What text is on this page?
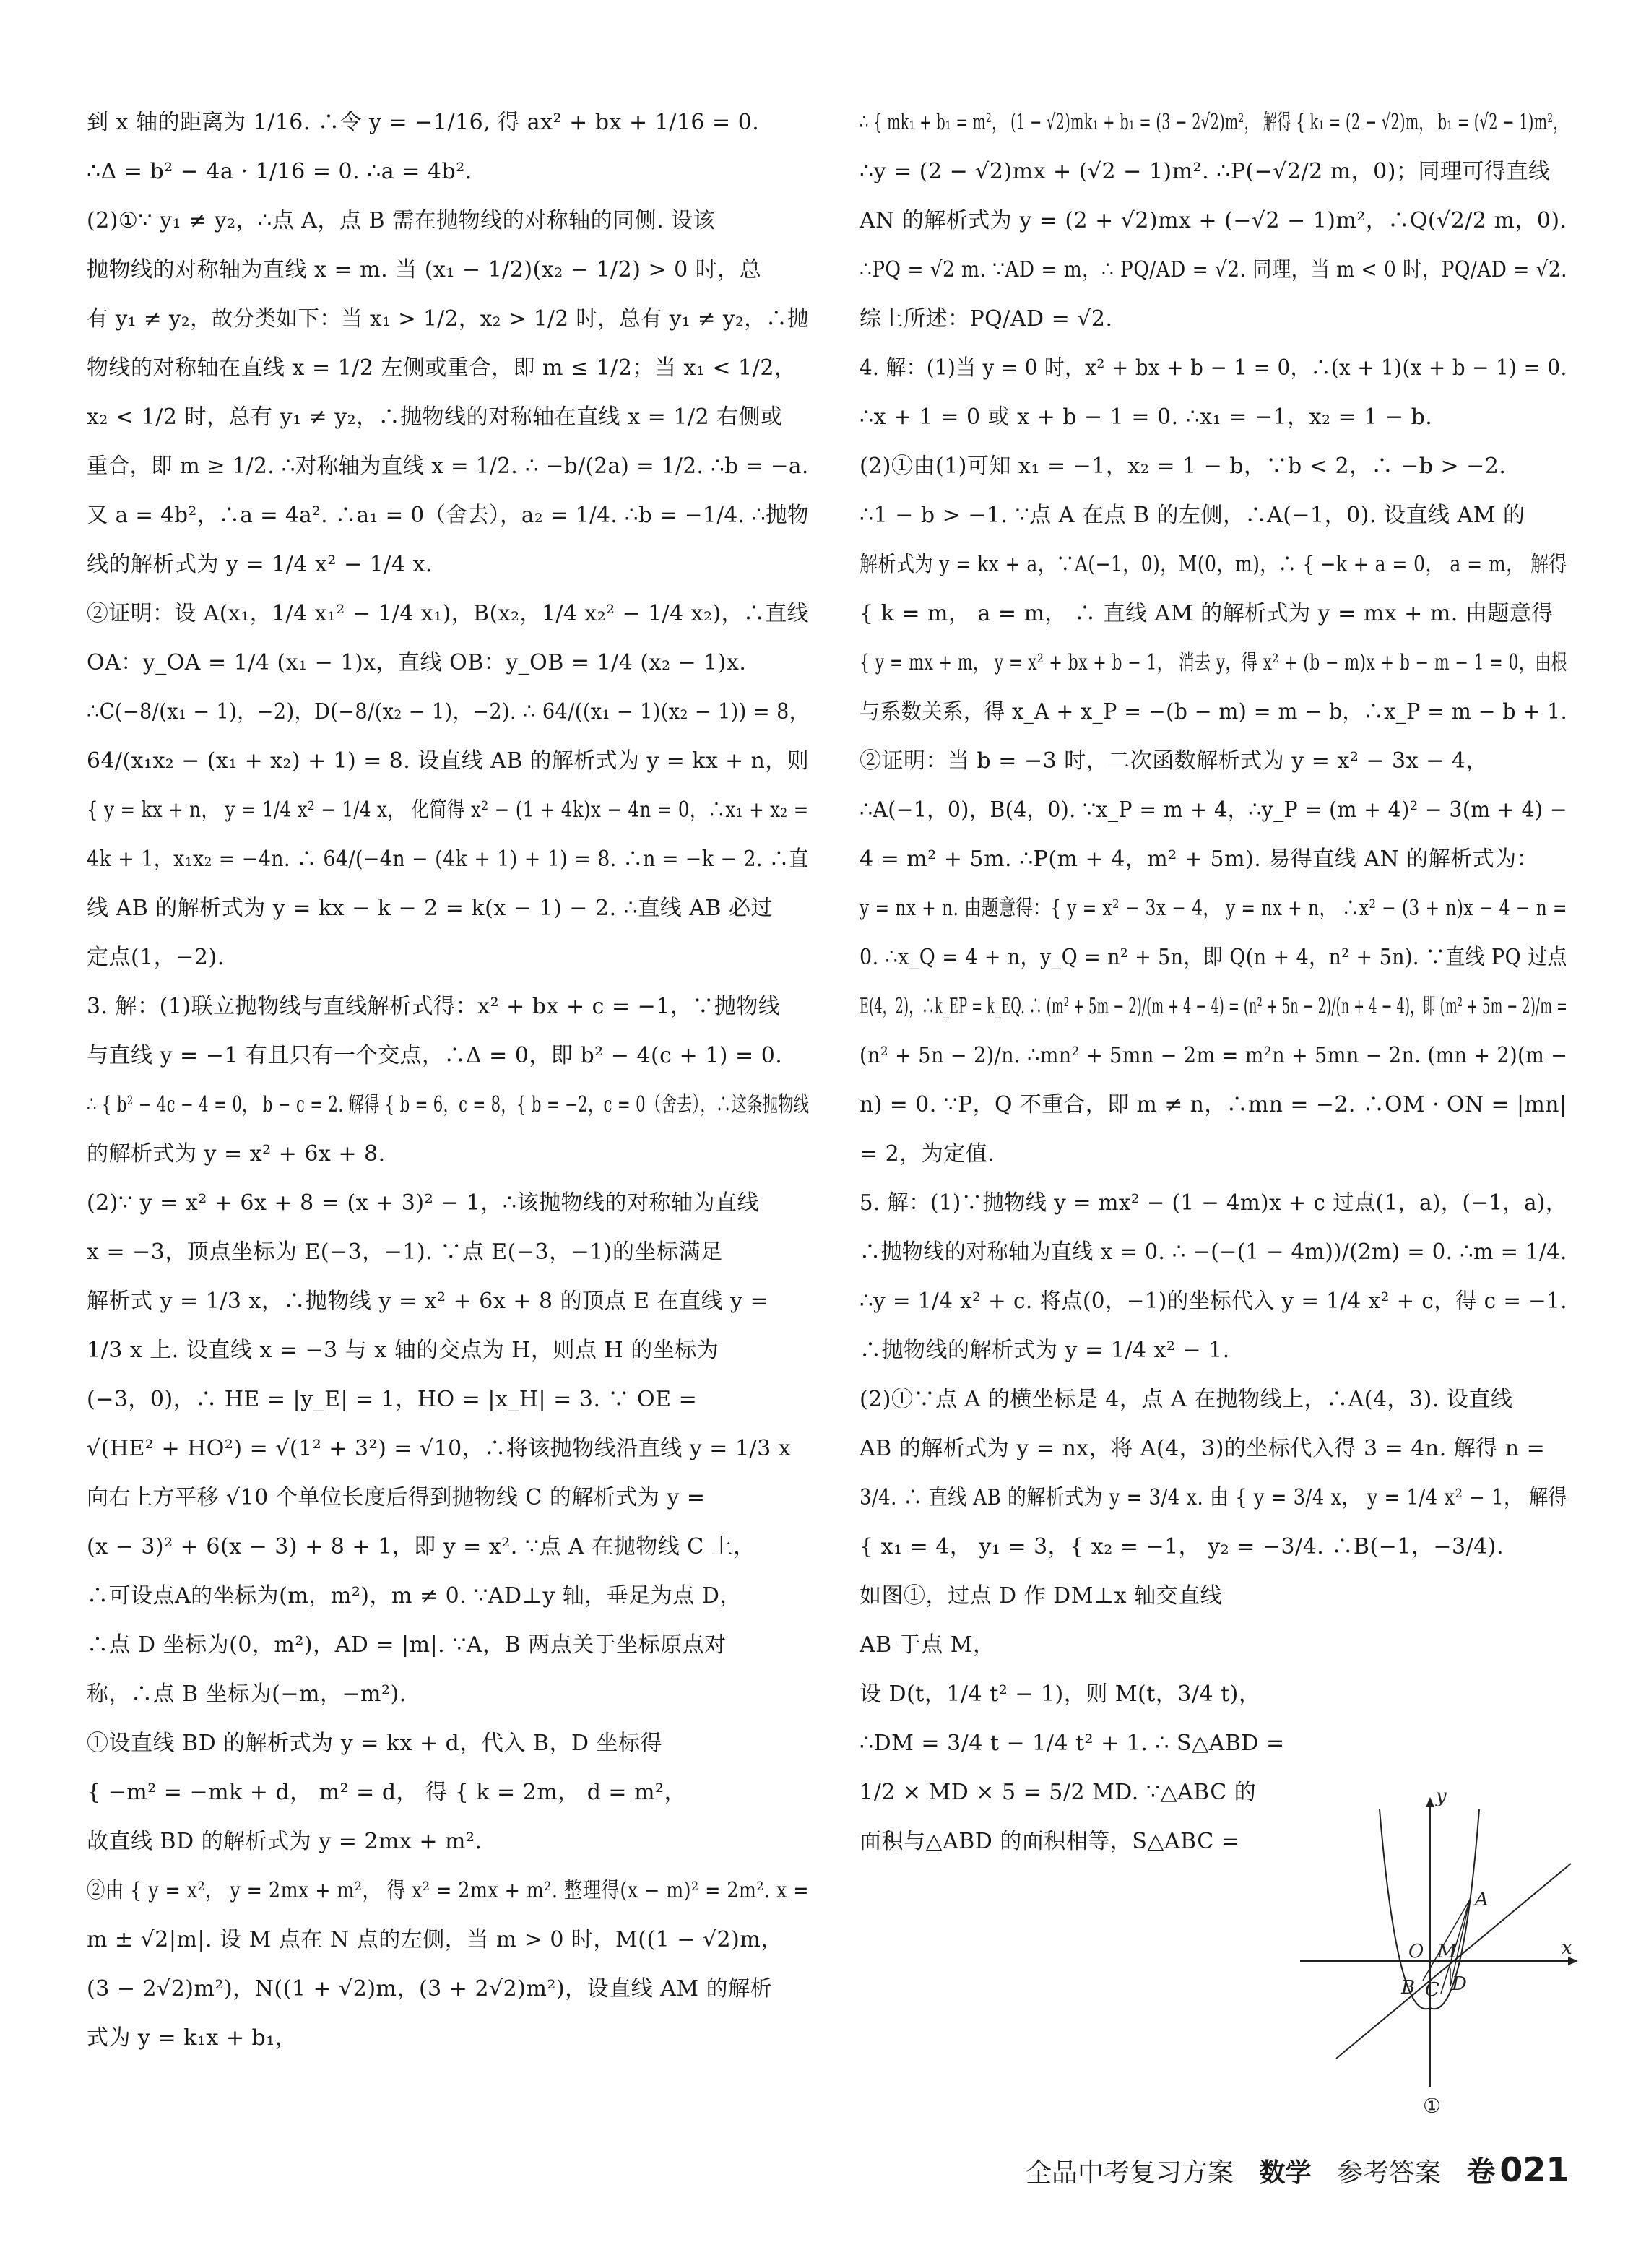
到 x 轴的距离为 1/16. ∴令 y = −1/16, 得 ax² + bx + 1/16 = 0.
∴Δ = b² − 4a · 1/16 = 0. ∴a = 4b².
(2)①∵ y₁ ≠ y₂，∴点 A，点 B 需在抛物线的对称轴的同侧. 设该
抛物线的对称轴为直线 x = m. 当 (x₁ − 1/2)(x₂ − 1/2) > 0 时，总
有 y₁ ≠ y₂，故分类如下：当 x₁ > 1/2，x₂ > 1/2 时，总有 y₁ ≠ y₂，∴抛
物线的对称轴在直线 x = 1/2 左侧或重合，即 m ≤ 1/2；当 x₁ < 1/2，
x₂ < 1/2 时，总有 y₁ ≠ y₂，∴抛物线的对称轴在直线 x = 1/2 右侧或
重合，即 m ≥ 1/2. ∴对称轴为直线 x = 1/2. ∴ −b/(2a) = 1/2. ∴b = −a.
又 a = 4b²，∴a = 4a². ∴a₁ = 0（舍去），a₂ = 1/4. ∴b = −1/4. ∴抛物
线的解析式为 y = 1/4 x² − 1/4 x.
②证明：设 A(x₁，1/4 x₁² − 1/4 x₁)，B(x₂，1/4 x₂² − 1/4 x₂)，∴直线
OA：y_OA = 1/4 (x₁ − 1)x，直线 OB：y_OB = 1/4 (x₂ − 1)x.
∴C(−8/(x₁ − 1)，−2)，D(−8/(x₂ − 1)，−2). ∴ 64/((x₁ − 1)(x₂ − 1)) = 8，
64/(x₁x₂ − (x₁ + x₂) + 1) = 8. 设直线 AB 的解析式为 y = kx + n，则
{ y = kx + n， y = 1/4 x² − 1/4 x， 化简得 x² − (1 + 4k)x − 4n = 0，∴x₁ + x₂ =
4k + 1，x₁x₂ = −4n. ∴ 64/(−4n − (4k + 1) + 1) = 8. ∴n = −k − 2. ∴直
线 AB 的解析式为 y = kx − k − 2 = k(x − 1) − 2. ∴直线 AB 必过
定点(1，−2).
3. 解：(1)联立抛物线与直线解析式得：x² + bx + c = −1，∵抛物线
与直线 y = −1 有且只有一个交点，∴Δ = 0，即 b² − 4(c + 1) = 0.
∴ { b² − 4c − 4 = 0， b − c = 2. 解得 { b = 6，c = 8，{ b = −2，c = 0（舍去），∴这条抛物线
的解析式为 y = x² + 6x + 8.
(2)∵ y = x² + 6x + 8 = (x + 3)² − 1，∴该抛物线的对称轴为直线
x = −3，顶点坐标为 E(−3，−1). ∵点 E(−3，−1)的坐标满足
解析式 y = 1/3 x，∴抛物线 y = x² + 6x + 8 的顶点 E 在直线 y =
1/3 x 上. 设直线 x = −3 与 x 轴的交点为 H，则点 H 的坐标为
(−3，0)，∴ HE = |y_E| = 1，HO = |x_H| = 3. ∵ OE =
√(HE² + HO²) = √(1² + 3²) = √10，∴将该抛物线沿直线 y = 1/3 x
向右上方平移 √10 个单位长度后得到抛物线 C 的解析式为 y =
(x − 3)² + 6(x − 3) + 8 + 1，即 y = x². ∵点 A 在抛物线 C 上，
∴可设点A的坐标为(m，m²)，m ≠ 0. ∵AD⊥y 轴，垂足为点 D，
∴点 D 坐标为(0，m²)，AD = |m|. ∵A，B 两点关于坐标原点对
称，∴点 B 坐标为(−m，−m²).
①设直线 BD 的解析式为 y = kx + d，代入 B，D 坐标得
{ −m² = −mk + d， m² = d， 得 { k = 2m， d = m²，
故直线 BD 的解析式为 y = 2mx + m².
②由 { y = x²， y = 2mx + m²， 得 x² = 2mx + m². 整理得(x − m)² = 2m². x =
m ± √2|m|. 设 M 点在 N 点的左侧，当 m > 0 时，M((1 − √2)m，
(3 − 2√2)m²)，N((1 + √2)m，(3 + 2√2)m²)，设直线 AM 的解析
式为 y = k₁x + b₁，
∴ { mk₁ + b₁ = m²， (1 − √2)mk₁ + b₁ = (3 − 2√2)m²， 解得 { k₁ = (2 − √2)m， b₁ = (√2 − 1)m²，
∴y = (2 − √2)mx + (√2 − 1)m². ∴P(−√2/2 m，0)；同理可得直线
AN 的解析式为 y = (2 + √2)mx + (−√2 − 1)m²，∴Q(√2/2 m，0).
∴PQ = √2 m. ∵AD = m，∴ PQ/AD = √2. 同理，当 m < 0 时，PQ/AD = √2.
综上所述：PQ/AD = √2.
4. 解：(1)当 y = 0 时，x² + bx + b − 1 = 0，∴(x + 1)(x + b − 1) = 0.
∴x + 1 = 0 或 x + b − 1 = 0. ∴x₁ = −1，x₂ = 1 − b.
(2)①由(1)可知 x₁ = −1，x₂ = 1 − b，∵b < 2，∴ −b > −2.
∴1 − b > −1. ∵点 A 在点 B 的左侧，∴A(−1，0). 设直线 AM 的
解析式为 y = kx + a，∵A(−1，0)，M(0，m)，∴ { −k + a = 0， a = m， 解得
{ k = m， a = m， ∴ 直线 AM 的解析式为 y = mx + m. 由题意得
{ y = mx + m， y = x² + bx + b − 1， 消去 y，得 x² + (b − m)x + b − m − 1 = 0，由根
与系数关系，得 x_A + x_P = −(b − m) = m − b，∴x_P = m − b + 1.
②证明：当 b = −3 时，二次函数解析式为 y = x² − 3x − 4，
∴A(−1，0)，B(4，0). ∵x_P = m + 4，∴y_P = (m + 4)² − 3(m + 4) −
4 = m² + 5m. ∴P(m + 4，m² + 5m). 易得直线 AN 的解析式为：
y = nx + n. 由题意得：{ y = x² − 3x − 4， y = nx + n， ∴x² − (3 + n)x − 4 − n =
0. ∴x_Q = 4 + n，y_Q = n² + 5n，即 Q(n + 4，n² + 5n). ∵直线 PQ 过点
E(4，2)，∴k_EP = k_EQ. ∴ (m² + 5m − 2)/(m + 4 − 4) = (n² + 5n − 2)/(n + 4 − 4)，即 (m² + 5m − 2)/m =
(n² + 5n − 2)/n. ∴mn² + 5mn − 2m = m²n + 5mn − 2n. (mn + 2)(m −
n) = 0. ∵P，Q 不重合，即 m ≠ n，∴mn = −2. ∴OM · ON = |mn|
= 2，为定值.
5. 解：(1)∵抛物线 y = mx² − (1 − 4m)x + c 过点(1，a)，(−1，a)，
∴抛物线的对称轴为直线 x = 0. ∴ −(−(1 − 4m))/(2m) = 0. ∴m = 1/4.
∴y = 1/4 x² + c. 将点(0，−1)的坐标代入 y = 1/4 x² + c，得 c = −1.
∴抛物线的解析式为 y = 1/4 x² − 1.
(2)①∵点 A 的横坐标是 4，点 A 在抛物线上，∴A(4，3). 设直线
AB 的解析式为 y = nx，将 A(4，3)的坐标代入得 3 = 4n. 解得 n =
3/4. ∴ 直线 AB 的解析式为 y = 3/4 x. 由 { y = 3/4 x， y = 1/4 x² − 1， 解得
{ x₁ = 4， y₁ = 3，{ x₂ = −1， y₂ = −3/4. ∴B(−1，−3/4).
如图①，过点 D 作 DM⊥x 轴交直线
AB 于点 M，
设 D(t，1/4 t² − 1)，则 M(t，3/4 t)，
∴DM = 3/4 t − 1/4 t² + 1. ∴ S△ABD =
1/2 × MD × 5 = 5/2 MD. ∵△ABC 的
面积与△ABD 的面积相等，S△ABC =
y
x
O
A
M
B C D
①
全品中考复习方案 数学 参考答案 卷 021
